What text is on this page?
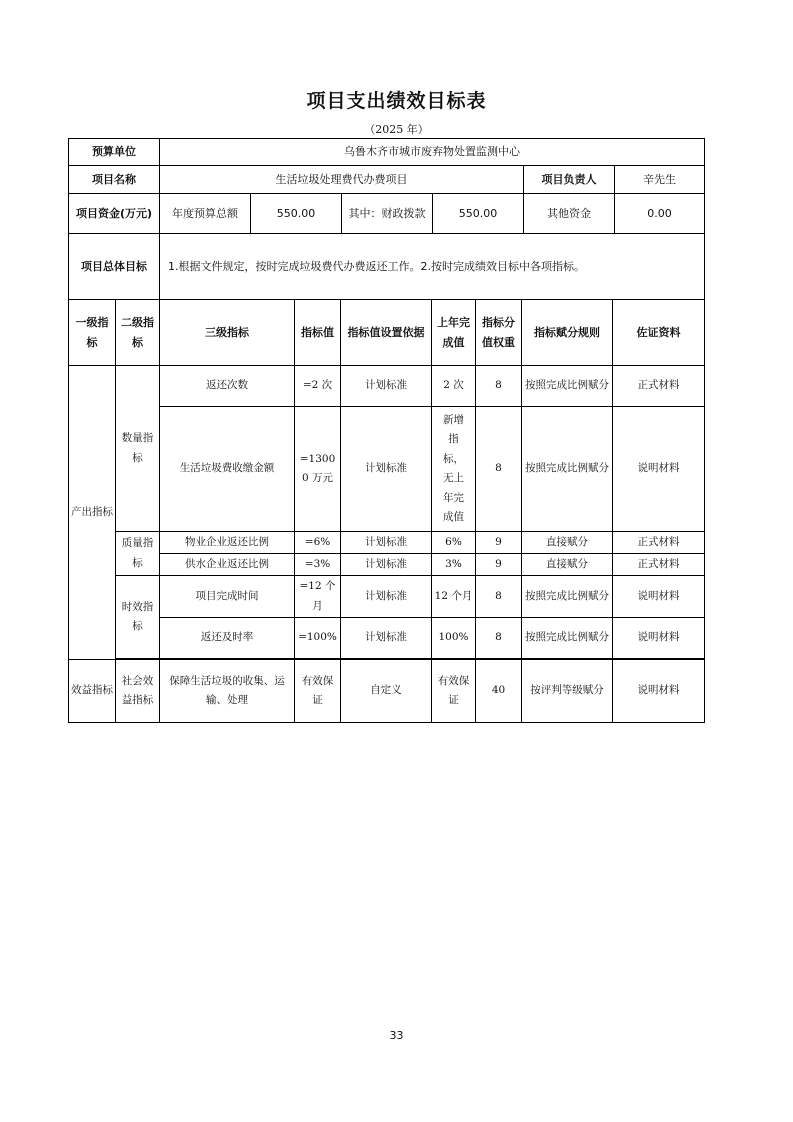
项目支出绩效目标表
（2025 年）
预算单位	乌鲁木齐市城市废弃物处置监测中心					
项目名称	生活垃圾处理费代办费项目				项目负责人	辛先生
项目资金(万元)	年度预算总额	550.00	其中：财政拨款	550.00	其他资金	0.00
项目总体目标	1.根据文件规定，按时完成垃圾费代办费返还工作。2.按时完成绩效目标中各项指标。					
一级指标	二级指标	三级指标	指标值	指标值设置依据	上年完成值	指标分值权重	指标赋分规则	佐证资料
产出指标	数量指标	返还次数	=2 次	计划标准	2 次	8	按照完成比例赋分	正式材料
		生活垃圾费收缴金额	=13000 万元	计划标准	新增指标，无上年完成值	8	按照完成比例赋分	说明材料
	质量指标	物业企业返还比例	=6%	计划标准	6%	9	直接赋分	正式材料
		供水企业返还比例	=3%	计划标准	3%	9	直接赋分	正式材料
	时效指标	项目完成时间	=12 个月	计划标准	12 个月	8	按照完成比例赋分	说明材料
		返还及时率	=100%	计划标准	100%	8	按照完成比例赋分	说明材料

效益指标	社会效益指标	保障生活垃圾的收集、运输、处理	有效保证	自定义	有效保证	40	按评判等级赋分	说明材料
33
